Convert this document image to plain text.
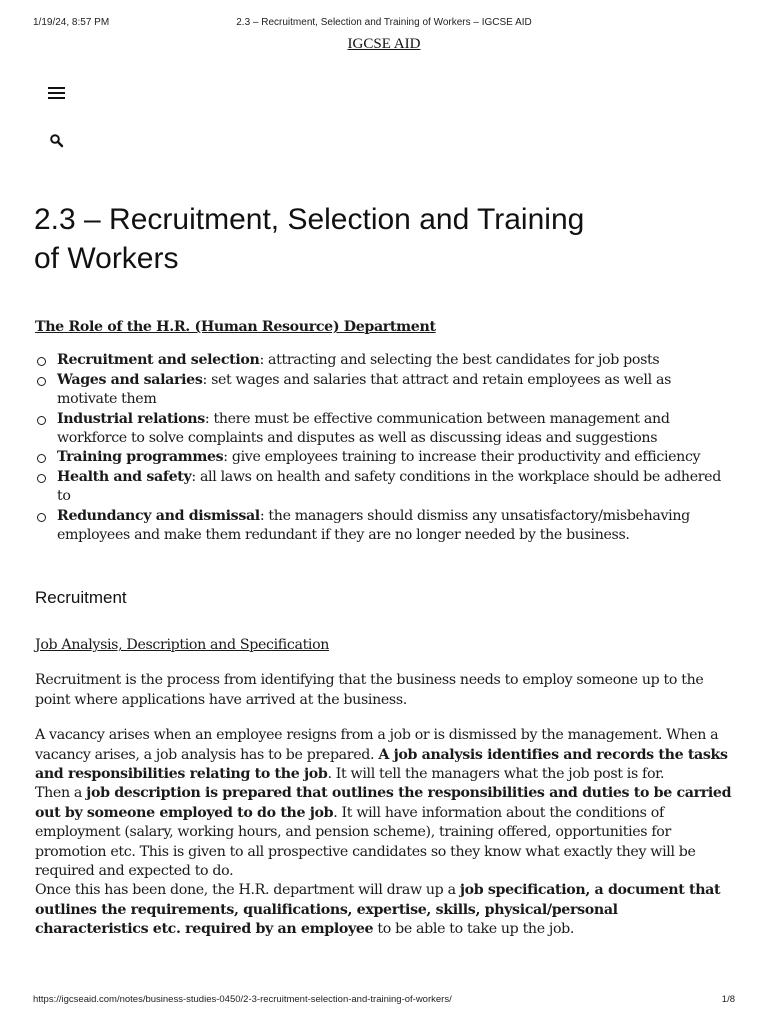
1/19/24, 8:57 PM	2.3 – Recruitment, Selection and Training of Workers – IGCSE AID
IGCSE AID
2.3 – Recruitment, Selection and Training of Workers

The Role of the H.R. (Human Resource) Department

Recruitment and selection: attracting and selecting the best candidates for job posts
Wages and salaries: set wages and salaries that attract and retain employees as well as motivate them
Industrial relations: there must be effective communication between management and workforce to solve complaints and disputes as well as discussing ideas and suggestions
Training programmes: give employees training to increase their productivity and efficiency
Health and safety: all laws on health and safety conditions in the workplace should be adhered to
Redundancy and dismissal: the managers should dismiss any unsatisfactory/misbehaving employees and make them redundant if they are no longer needed by the business.
Recruitment

Job Analysis, Description and Specification

Recruitment is the process from identifying that the business needs to employ someone up to the point where applications have arrived at the business.

A vacancy arises when an employee resigns from a job or is dismissed by the management. When a vacancy arises, a job analysis has to be prepared. A job analysis identifies and records the tasks and responsibilities relating to the job. It will tell the managers what the job post is for.

Then a job description is prepared that outlines the responsibilities and duties to be carried out by someone employed to do the job. It will have information about the conditions of employment (salary, working hours, and pension scheme), training offered, opportunities for promotion etc. This is given to all prospective candidates so they know what exactly they will be required and expected to do.

Once this has been done, the H.R. department will draw up a job specification, a document that outlines the requirements, qualifications, expertise, skills, physical/personal characteristics etc. required by an employee to be able to take up the job.

https://igcseaid.com/notes/business-studies-0450/2-3-recruitment-selection-and-training-of-workers/	1/8
